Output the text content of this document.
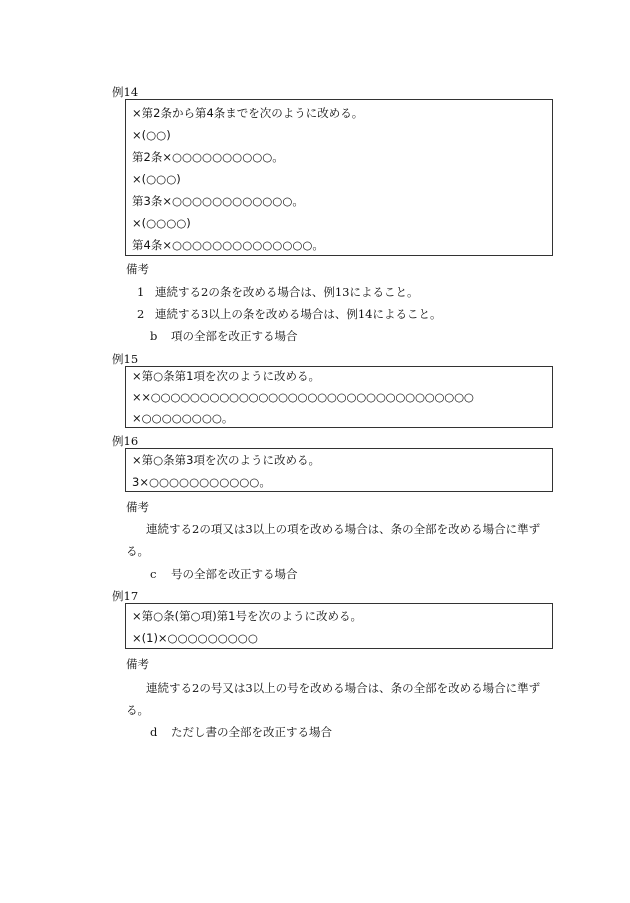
例14
×第2条から第4条までを次のように改める。
×(○○)
第2条×○○○○○○○○○○。
×(○○○)
第3条×○○○○○○○○○○○○。
×(○○○○)
第4条×○○○○○○○○○○○○○○。
備考
1 連続する2の条を改める場合は、例13によること。
2 連続する3以上の条を改める場合は、例14によること。
b 項の全部を改正する場合
例15
×第○条第1項を次のように改める。
××○○○○○○○○○○○○○○○○○○○○○○○○○○○○○○○○○
×○○○○○○○○。
例16
×第○条第3項を次のように改める。
3×○○○○○○○○○○○。
備考
連続する2の項又は3以上の項を改める場合は、条の全部を改める場合に準ず
る。
c 号の全部を改正する場合
例17
×第○条(第○項)第1号を次のように改める。
×(1)×○○○○○○○○○
備考
連続する2の号又は3以上の号を改める場合は、条の全部を改める場合に準ず
る。
d ただし書の全部を改正する場合
